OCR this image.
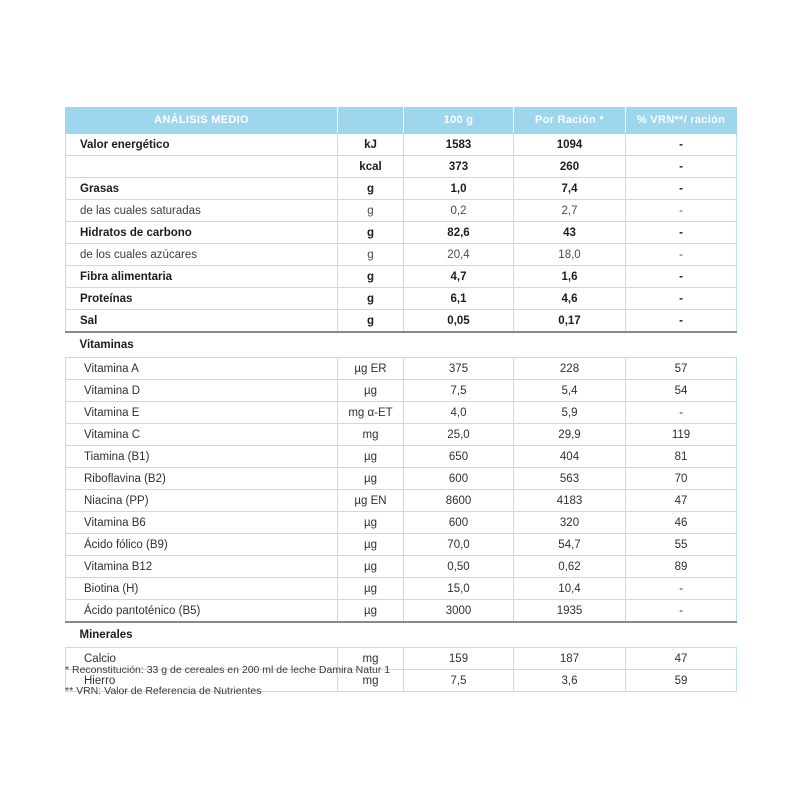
ANÁLISIS MEDIO		100 g	Por Ración *	% VRN**/ ración
Valor energético	kJ	1583	1094	-
	kcal	373	260	-
Grasas	g	1,0	7,4	-
de las cuales saturadas	g	0,2	2,7	-
Hidratos de carbono	g	82,6	43	-
de los cuales azúcares	g	20,4	18,0	-
Fibra alimentaria	g	4,7	1,6	-
Proteínas	g	6,1	4,6	-
Sal	g	0,05	0,17	-
Vitaminas				
Vitamina A	µg ER	375	228	57
Vitamina D	µg	7,5	5,4	54
Vitamina E	mg α-ET	4,0	5,9	-
Vitamina C	mg	25,0	29,9	119
Tiamina (B1)	µg	650	404	81
Riboflavina (B2)	µg	600	563	70
Niacina (PP)	µg EN	8600	4183	47
Vitamina B6	µg	600	320	46
Ácido fólico (B9)	µg	70,0	54,7	55
Vitamina B12	µg	0,50	0,62	89
Biotina (H)	µg	15,0	10,4	-
Ácido pantoténico (B5)	µg	3000	1935	-
Minerales				
Calcio	mg	159	187	47
Hierro	mg	7,5	3,6	59
* Reconstitución: 33 g de cereales en 200 ml de leche Damira Natur 1
** VRN: Valor de Referencia de Nutrientes
